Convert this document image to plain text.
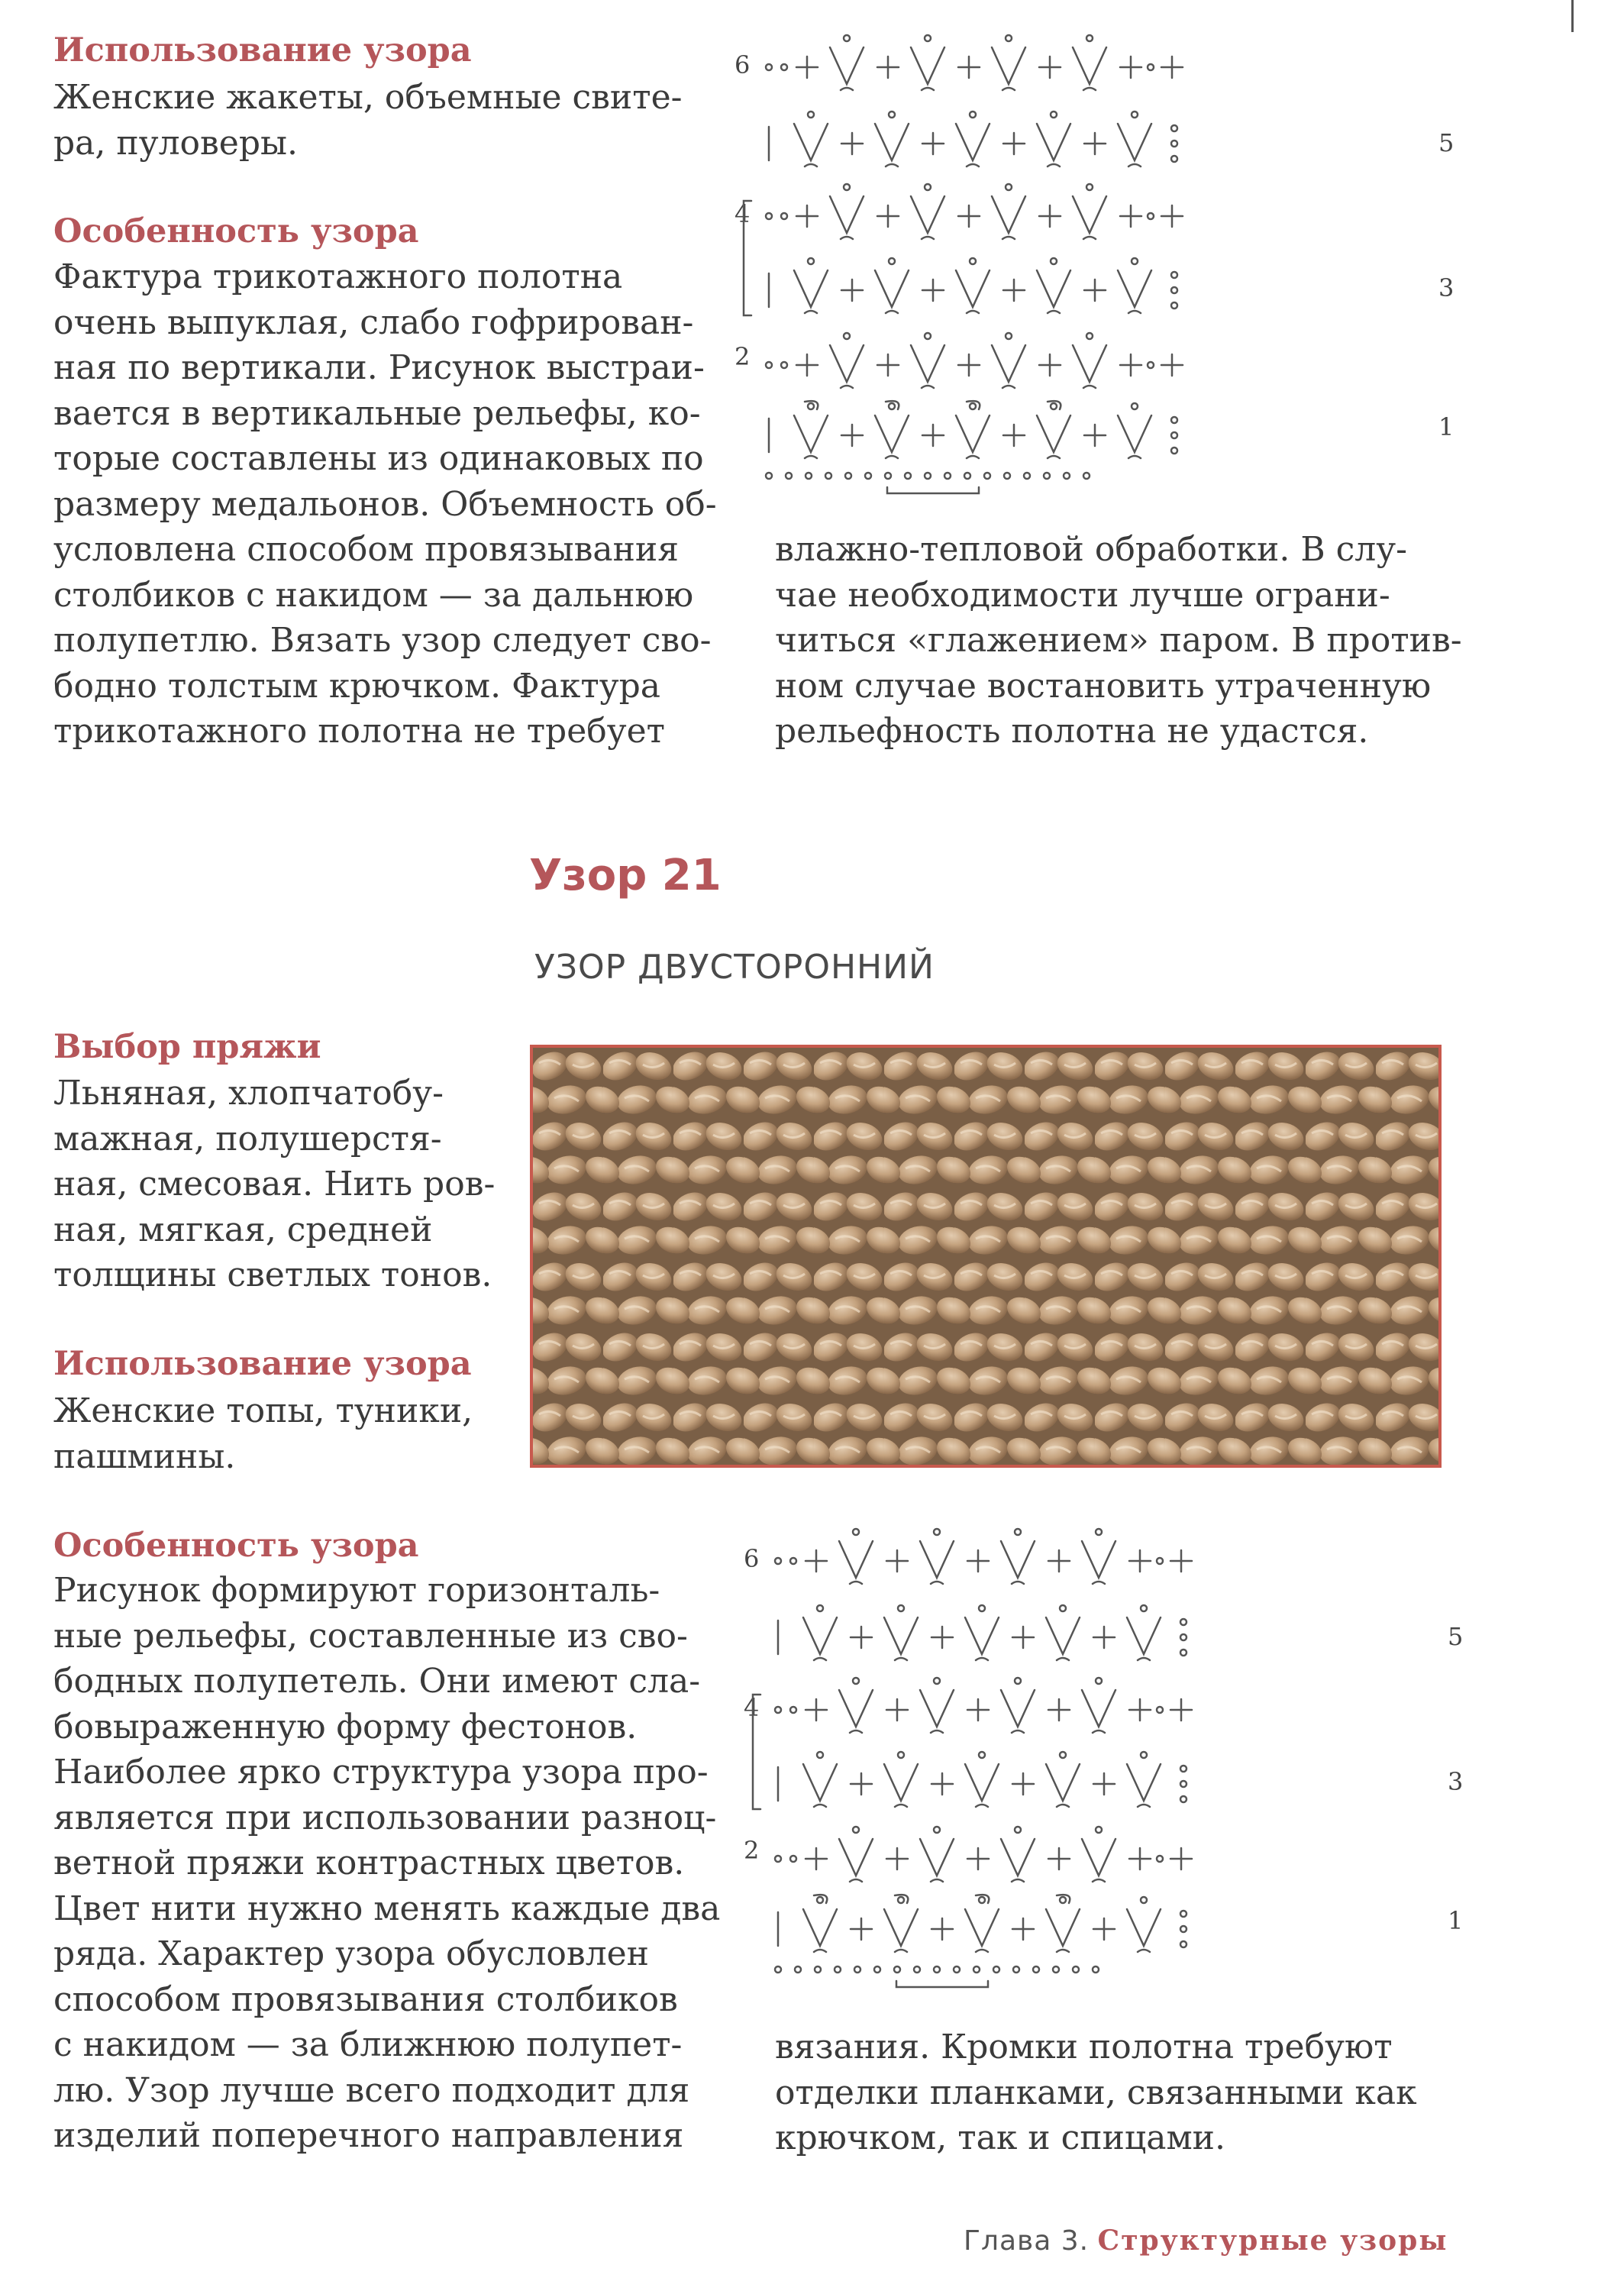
Использование узора
Женские жакеты, объемные свите-
ра, пуловеры.
Особенность узора
Фактура трикотажного полотна
очень выпуклая, слабо гофрирован-
ная по вертикали. Рисунок выстраи-
вается в вертикальные рельефы, ко-
торые составлены из одинаковых по
размеру медальонов. Объемность об-
условлена способом провязывания
столбиков с накидом — за дальнюю
полупетлю. Вязать узор следует сво-
бодно толстым крючком. Фактура
трикотажного полотна не требует
влажно-тепловой обработки. В слу-
чае необходимости лучше ограни-
читься «глажением» паром. В против-
ном случае востановить утраченную
рельефность полотна не удастся.
6
5
4
3
2
1
Узор 21
УЗОР ДВУСТОРОННИЙ
Выбор пряжи
Льняная, хлопчатобу-
мажная, полушерстя-
ная, смесовая. Нить ров-
ная, мягкая, средней
толщины светлых тонов.
Использование узора
Женские топы, туники,
пашмины.
Особенность узора
Рисунок формируют горизонталь-
ные рельефы, составленные из сво-
бодных полупетель. Они имеют сла-
бовыраженную форму фестонов.
Наиболее ярко структура узора про-
является при использовании разноц-
ветной пряжи контрастных цветов.
Цвет нити нужно менять каждые два
ряда. Характер узора обусловлен
способом провязывания столбиков
с накидом — за ближнюю полупет-
лю. Узор лучше всего подходит для
изделий поперечного направления
вязания. Кромки полотна требуют
отделки планками, связанными как
крючком, так и спицами.
6
5
4
3
2
1
Глава 3. Структурные узоры
